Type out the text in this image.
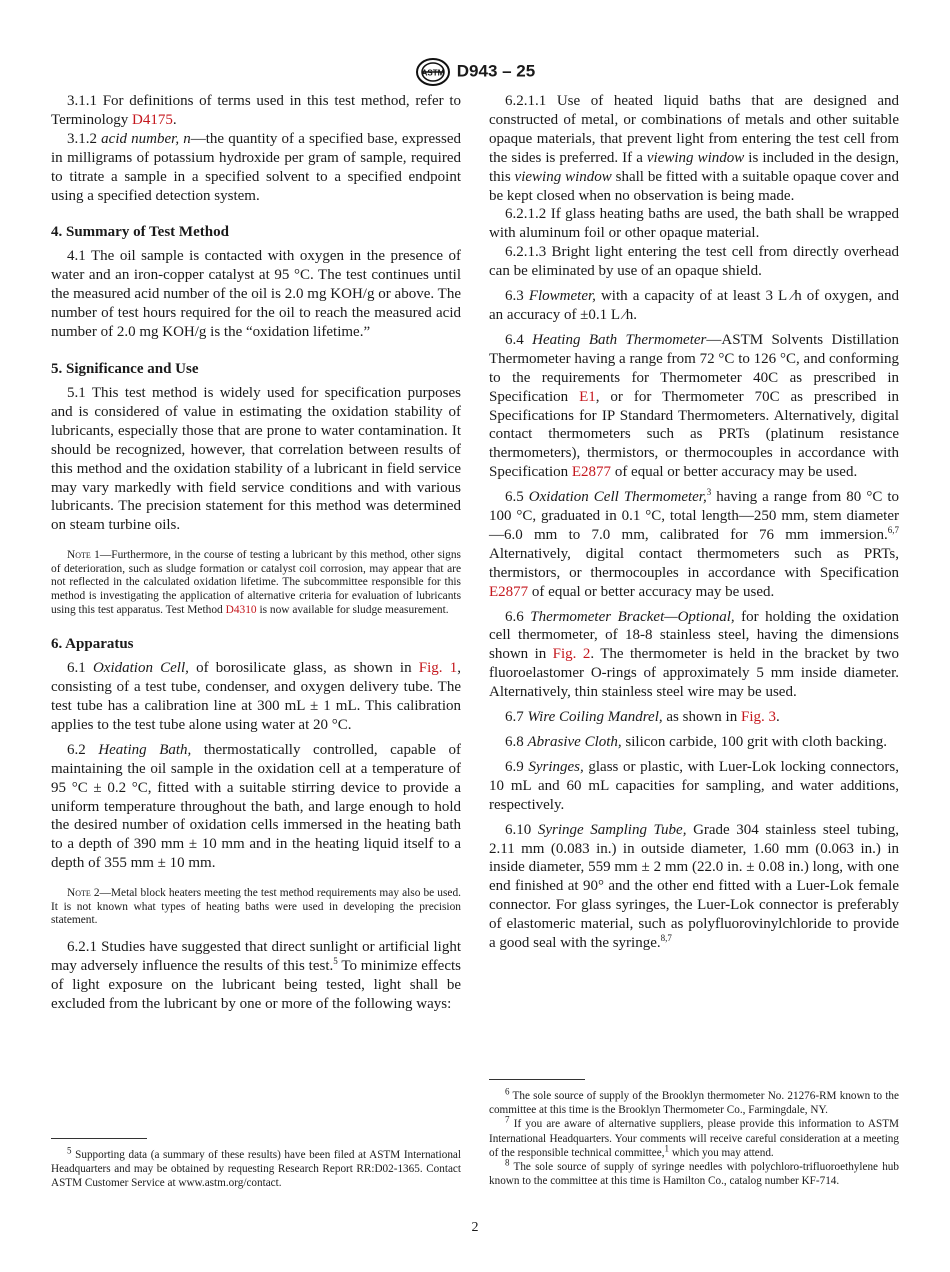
ASTM D943 – 25

3.1.1 For definitions of terms used in this test method, refer to Terminology D4175.

3.1.2 acid number, n—the quantity of a specified base, expressed in milligrams of potassium hydroxide per gram of sample, required to titrate a sample in a specified solvent to a specified endpoint using a specified detection system.

4. Summary of Test Method

4.1 The oil sample is contacted with oxygen in the presence of water and an iron-copper catalyst at 95 °C. The test continues until the measured acid number of the oil is 2.0 mg KOH/g or above. The number of test hours required for the oil to reach the measured acid number of 2.0 mg KOH/g is the “oxidation lifetime.”

5. Significance and Use

5.1 This test method is widely used for specification purposes and is considered of value in estimating the oxidation stability of lubricants, especially those that are prone to water contamination. It should be recognized, however, that correlation between results of this method and the oxidation stability of a lubricant in field service may vary markedly with field service conditions and with various lubricants. The precision statement for this method was determined on steam turbine oils.

Note 1—Furthermore, in the course of testing a lubricant by this method, other signs of deterioration, such as sludge formation or catalyst coil corrosion, may appear that are not reflected in the calculated oxidation lifetime. The subcommittee responsible for this method is investigating the application of alternative criteria for evaluation of lubricants using this test apparatus. Test Method D4310 is now available for sludge measurement.

6. Apparatus

6.1 Oxidation Cell, of borosilicate glass, as shown in Fig. 1, consisting of a test tube, condenser, and oxygen delivery tube. The test tube has a calibration line at 300 mL ± 1 mL. This calibration applies to the test tube alone using water at 20 °C.

6.2 Heating Bath, thermostatically controlled, capable of maintaining the oil sample in the oxidation cell at a temperature of 95 °C ± 0.2 °C, fitted with a suitable stirring device to provide a uniform temperature throughout the bath, and large enough to hold the desired number of oxidation cells immersed in the heating bath to a depth of 390 mm ± 10 mm and in the heating liquid itself to a depth of 355 mm ± 10 mm.

Note 2—Metal block heaters meeting the test method requirements may also be used. It is not known what types of heating baths were used in developing the precision statement.

6.2.1 Studies have suggested that direct sunlight or artificial light may adversely influence the results of this test.$^5$ To minimize effects of light exposure on the lubricant being tested, light shall be excluded from the lubricant by one or more of the following ways:

$^5$ Supporting data (a summary of these results) have been filed at ASTM International Headquarters and may be obtained by requesting Research Report RR:D02-1365. Contact ASTM Customer Service at www.astm.org/contact.

6.2.1.1 Use of heated liquid baths that are designed and constructed of metal, or combinations of metals and other suitable opaque materials, that prevent light from entering the test cell from the sides is preferred. If a viewing window is included in the design, this viewing window shall be fitted with a suitable opaque cover and be kept closed when no observation is being made.

6.2.1.2 If glass heating baths are used, the bath shall be wrapped with aluminum foil or other opaque material.

6.2.1.3 Bright light entering the test cell from directly overhead can be eliminated by use of an opaque shield.

6.3 Flowmeter, with a capacity of at least 3 L ⁄h of oxygen, and an accuracy of ±0.1 L ⁄h.

6.4 Heating Bath Thermometer—ASTM Solvents Distillation Thermometer having a range from 72 °C to 126 °C, and conforming to the requirements for Thermometer 40C as prescribed in Specification E1, or for Thermometer 70C as prescribed in Specifications for IP Standard Thermometers. Alternatively, digital contact thermometers such as PRTs (platinum resistance thermometers), thermistors, or thermocouples in accordance with Specification E2877 of equal or better accuracy may be used.

6.5 Oxidation Cell Thermometer,$^3$ having a range from 80 °C to 100 °C, graduated in 0.1 °C, total length—250 mm, stem diameter—6.0 mm to 7.0 mm, calibrated for 76 mm immersion.$^{6,7}$ Alternatively, digital contact thermometers such as PRTs, thermistors, or thermocouples in accordance with Specification E2877 of equal or better accuracy may be used.

6.6 Thermometer Bracket—Optional, for holding the oxidation cell thermometer, of 18-8 stainless steel, having the dimensions shown in Fig. 2. The thermometer is held in the bracket by two fluoroelastomer O-rings of approximately 5 mm inside diameter. Alternatively, thin stainless steel wire may be used.

6.7 Wire Coiling Mandrel, as shown in Fig. 3.

6.8 Abrasive Cloth, silicon carbide, 100 grit with cloth backing.

6.9 Syringes, glass or plastic, with Luer-Lok locking connectors, 10 mL and 60 mL capacities for sampling, and water additions, respectively.

6.10 Syringe Sampling Tube, Grade 304 stainless steel tubing, 2.11 mm (0.083 in.) in outside diameter, 1.60 mm (0.063 in.) in inside diameter, 559 mm ± 2 mm (22.0 in. ± 0.08 in.) long, with one end finished at 90° and the other end fitted with a Luer-Lok female connector. For glass syringes, the Luer-Lok connector is preferably of elastomeric material, such as polyfluorovinylchloride to provide a good seal with the syringe.$^{8,7}$

$^6$ The sole source of supply of the Brooklyn thermometer No. 21276-RM known to the committee at this time is the Brooklyn Thermometer Co., Farmingdale, NY.

$^7$ If you are aware of alternative suppliers, please provide this information to ASTM International Headquarters. Your comments will receive careful consideration at a meeting of the responsible technical committee,$^1$ which you may attend.

$^8$ The sole source of supply of syringe needles with polychloro-trifluoroethylene hub known to the committee at this time is Hamilton Co., catalog number KF-714.

2
